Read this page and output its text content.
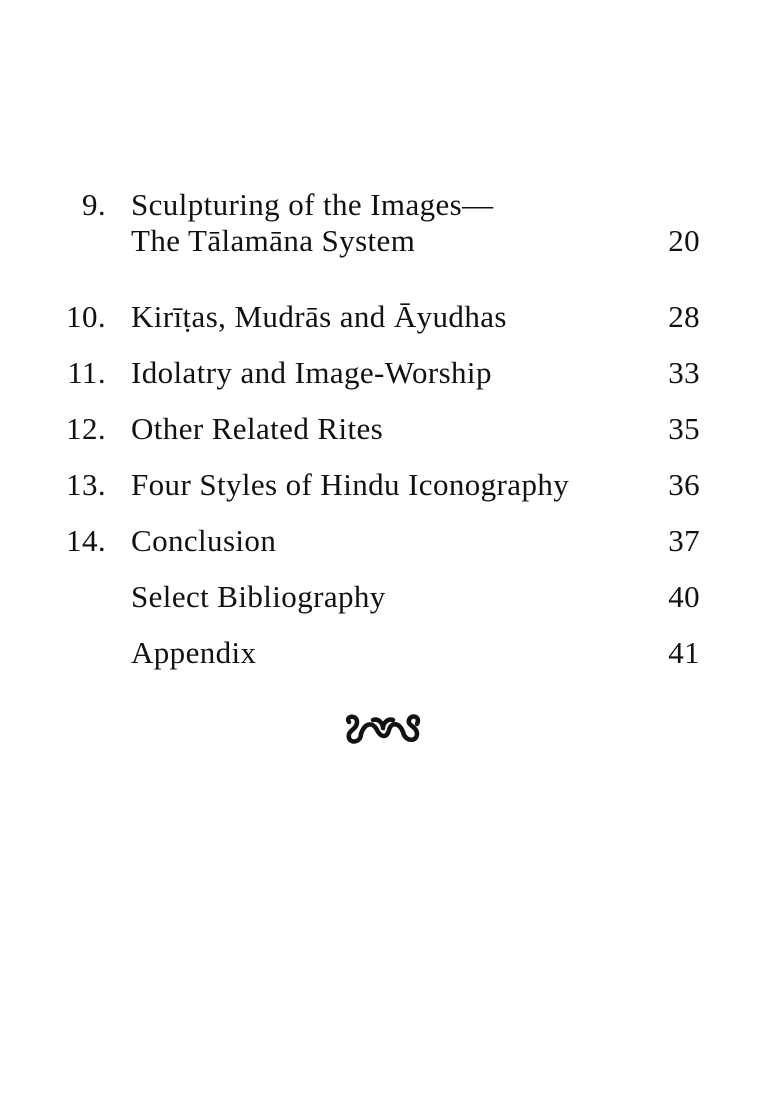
9. Sculpturing of the Images—
The Tālamāna System	20
10. Kirīṭas, Mudrās and Āyudhas	28
11. Idolatry and Image-Worship	33
12. Other Related Rites	35
13. Four Styles of Hindu Iconography	36
14. Conclusion	37
Select Bibliography	40
Appendix	41
